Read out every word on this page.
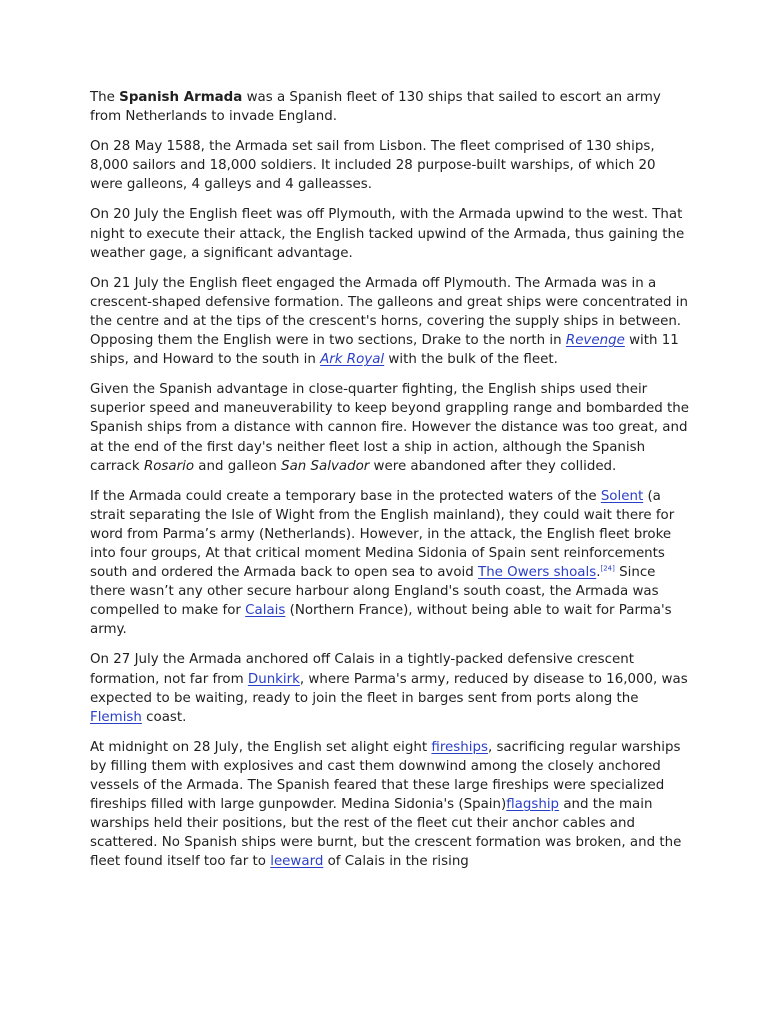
The Spanish Armada was a Spanish fleet of 130 ships that sailed to escort an army from Netherlands to invade England.

On 28 May 1588, the Armada set sail from Lisbon. The fleet comprised of 130 ships, 8,000 sailors and 18,000 soldiers. It included 28 purpose-built warships, of which 20 were galleons, 4 galleys and 4 galleasses.

On 20 July the English fleet was off Plymouth, with the Armada upwind to the west. That night to execute their attack, the English tacked upwind of the Armada, thus gaining the weather gage, a significant advantage.

On 21 July the English fleet engaged the Armada off Plymouth. The Armada was in a crescent-shaped defensive formation. The galleons and great ships were concentrated in the centre and at the tips of the crescent's horns, covering the supply ships in between. Opposing them the English were in two sections, Drake to the north in Revenge with 11 ships, and Howard to the south in Ark Royal with the bulk of the fleet.

Given the Spanish advantage in close-quarter fighting, the English ships used their superior speed and maneuverability to keep beyond grappling range and bombarded the Spanish ships from a distance with cannon fire. However the distance was too great, and at the end of the first day's neither fleet lost a ship in action, although the Spanish carrack Rosario and galleon San Salvador were abandoned after they collided.

If the Armada could create a temporary base in the protected waters of the Solent (a strait separating the Isle of Wight from the English mainland), they could wait there for word from Parma’s army (Netherlands). However, in the attack, the English fleet broke into four groups, At that critical moment Medina Sidonia of Spain sent reinforcements south and ordered the Armada back to open sea to avoid The Owers shoals.[24] Since there wasn’t any other secure harbour along England's south coast, the Armada was compelled to make for Calais (Northern France), without being able to wait for Parma's army.

On 27 July the Armada anchored off Calais in a tightly-packed defensive crescent formation, not far from Dunkirk, where Parma's army, reduced by disease to 16,000, was expected to be waiting, ready to join the fleet in barges sent from ports along the Flemish coast.

At midnight on 28 July, the English set alight eight fireships, sacrificing regular warships by filling them with explosives and cast them downwind among the closely anchored vessels of the Armada. The Spanish feared that these large fireships were specialized fireships filled with large gunpowder. Medina Sidonia's (Spain)flagship and the main warships held their positions, but the rest of the fleet cut their anchor cables and scattered. No Spanish ships were burnt, but the crescent formation was broken, and the fleet found itself too far to leeward of Calais in the rising
